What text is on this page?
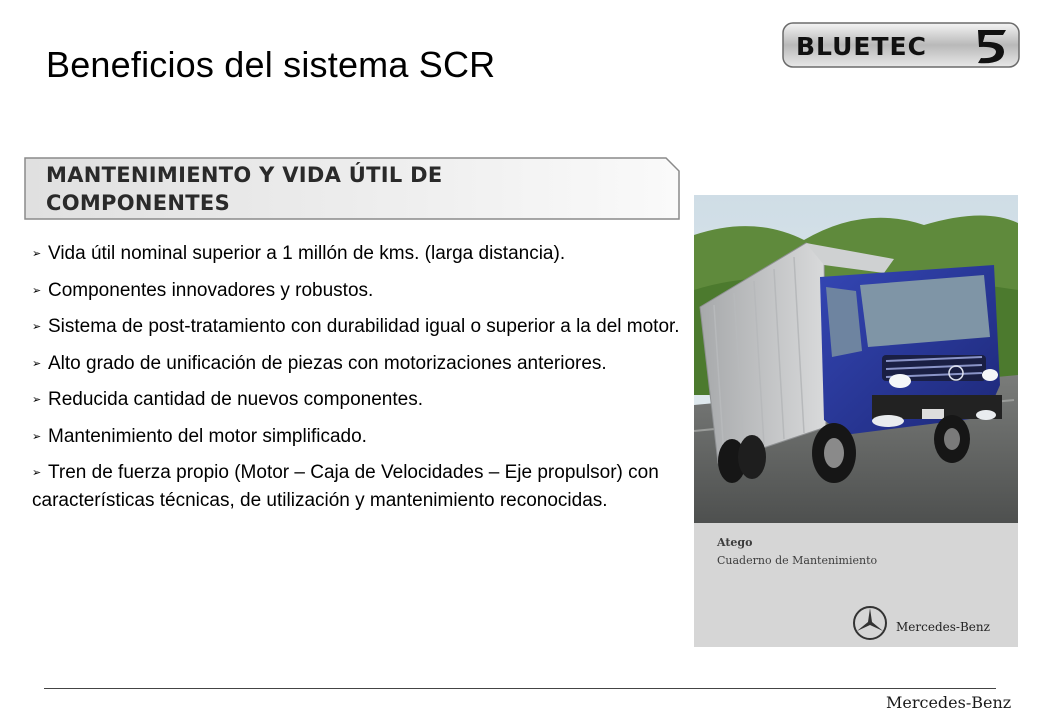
Beneficios del sistema SCR	BLUETEC
MANTENIMIENTO Y VIDA ÚTIL DE COMPONENTES
➢ Vida útil nominal superior a 1 millón de kms. (larga distancia).
➢ Componentes innovadores y robustos.
➢ Sistema de post-tratamiento con durabilidad igual o superior a la del motor.
➢ Alto grado de unificación de piezas con motorizaciones anteriores.
➢ Reducida cantidad de nuevos componentes.
➢ Mantenimiento del motor simplificado.
➢ Tren de fuerza propio (Motor – Caja de Velocidades – Eje propulsor) con características técnicas, de utilización y mantenimiento reconocidas.
Atego
Cuaderno de Mantenimiento
Mercedes-Benz
Mercedes-Benz
